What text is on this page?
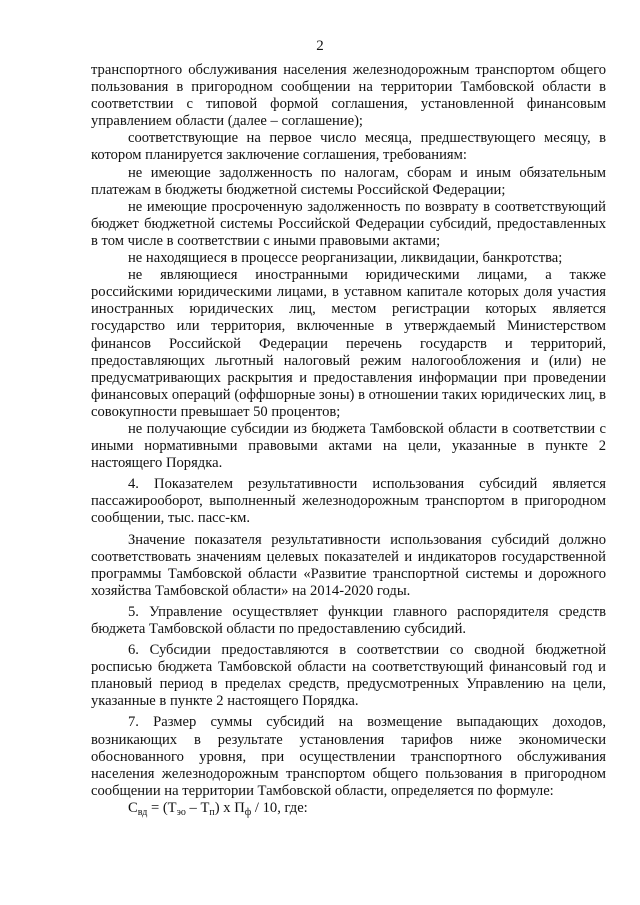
2

транспортного обслуживания населения железнодорожным транспортом общего пользования в пригородном сообщении на территории Тамбовской области в соответствии с типовой формой соглашения, установленной финансовым управлением области (далее – соглашение);

соответствующие на первое число месяца, предшествующего месяцу, в котором планируется заключение соглашения, требованиям:

не имеющие задолженность по налогам, сборам и иным обязательным платежам в бюджеты бюджетной системы Российской Федерации;

не имеющие просроченную задолженность по возврату в соответствующий бюджет бюджетной системы Российской Федерации субсидий, предоставленных в том числе в соответствии с иными правовыми актами;

не находящиеся в процессе реорганизации, ликвидации, банкротства;

не являющиеся иностранными юридическими лицами, а также российскими юридическими лицами, в уставном капитале которых доля участия иностранных юридических лиц, местом регистрации которых является государство или территория, включенные в утверждаемый Министерством финансов Российской Федерации перечень государств и территорий, предоставляющих льготный налоговый режим налогообложения и (или) не предусматривающих раскрытия и предоставления информации при проведении финансовых операций (оффшорные зоны) в отношении таких юридических лиц, в совокупности превышает 50 процентов;

не получающие субсидии из бюджета Тамбовской области в соответствии с иными нормативными правовыми актами на цели, указанные в пункте 2 настоящего Порядка.

4. Показателем результативности использования субсидий является пассажирооборот, выполненный железнодорожным транспортом в пригородном сообщении, тыс. пасс-км.

Значение показателя результативности использования субсидий должно соответствовать значениям целевых показателей и индикаторов государственной программы Тамбовской области «Развитие транспортной системы и дорожного хозяйства Тамбовской области» на 2014-2020 годы.

5. Управление осуществляет функции главного распорядителя средств бюджета Тамбовской области по предоставлению субсидий.

6. Субсидии предоставляются в соответствии со сводной бюджетной росписью бюджета Тамбовской области на соответствующий финансовый год и плановый период в пределах средств, предусмотренных Управлению на цели, указанные в пункте 2 настоящего Порядка.

7. Размер суммы субсидий на возмещение выпадающих доходов, возникающих в результате установления тарифов ниже экономически обоснованного уровня, при осуществлении транспортного обслуживания населения железнодорожным транспортом общего пользования в пригородном сообщении на территории Тамбовской области, определяется по формуле:

$С_{вд} = (Т_{эо} - Т_п)$ х $П_ф / 10$, где:
